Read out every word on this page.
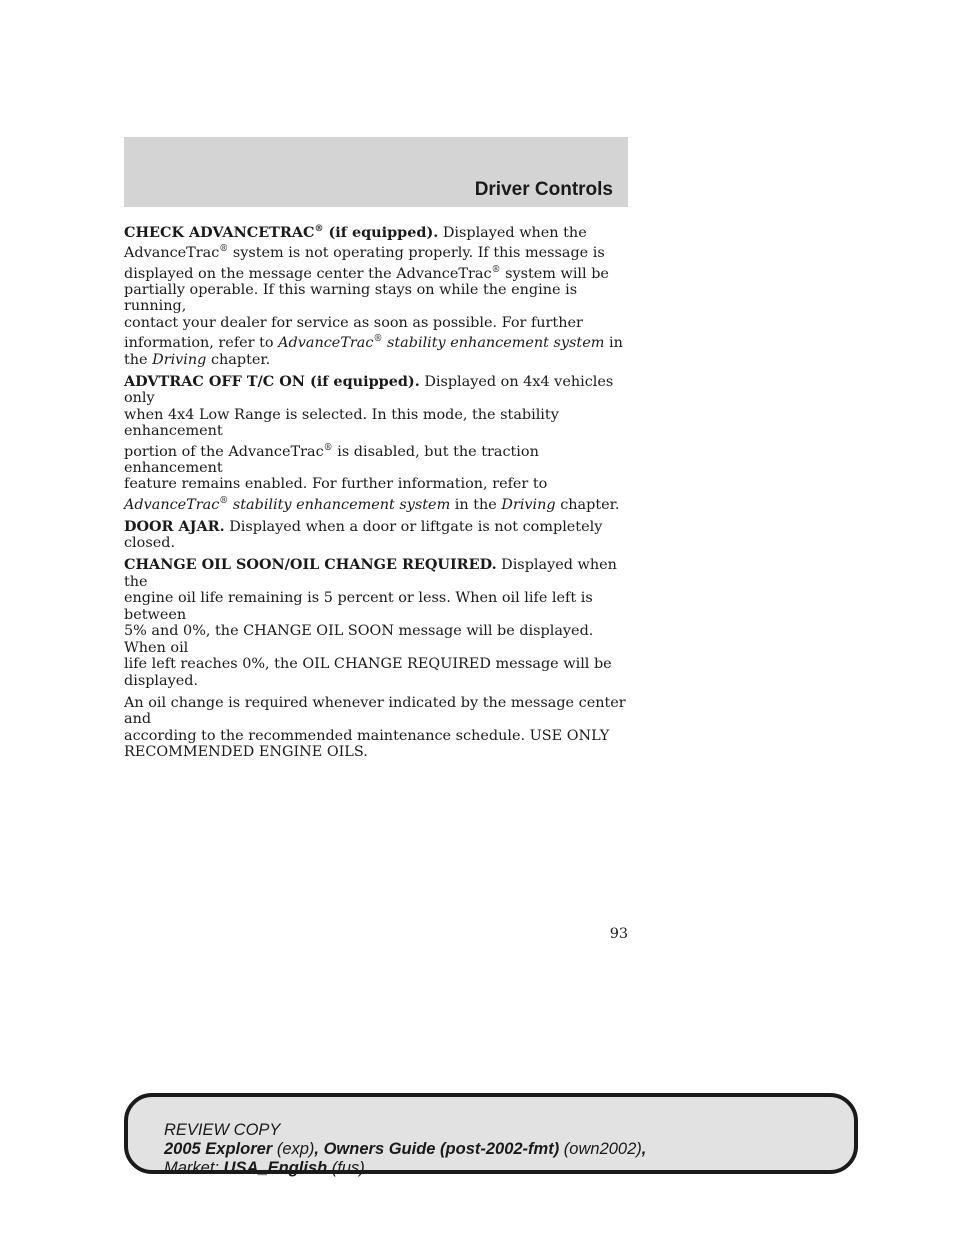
Driver Controls

CHECK ADVANCETRAC® (if equipped). Displayed when the
AdvanceTrac® system is not operating properly. If this message is
displayed on the message center the AdvanceTrac® system will be
partially operable. If this warning stays on while the engine is running,
contact your dealer for service as soon as possible. For further
information, refer to AdvanceTrac® stability enhancement system in
the Driving chapter.

ADVTRAC OFF T/C ON (if equipped). Displayed on 4x4 vehicles only
when 4x4 Low Range is selected. In this mode, the stability enhancement
portion of the AdvanceTrac® is disabled, but the traction enhancement
feature remains enabled. For further information, refer to
AdvanceTrac® stability enhancement system in the Driving chapter.

DOOR AJAR. Displayed when a door or liftgate is not completely
closed.

CHANGE OIL SOON/OIL CHANGE REQUIRED. Displayed when the
engine oil life remaining is 5 percent or less. When oil life left is between
5% and 0%, the CHANGE OIL SOON message will be displayed. When oil
life left reaches 0%, the OIL CHANGE REQUIRED message will be
displayed.

An oil change is required whenever indicated by the message center and
according to the recommended maintenance schedule. USE ONLY
RECOMMENDED ENGINE OILS.

93
REVIEW COPY
2005 Explorer (exp), Owners Guide (post-2002-fmt) (own2002),
Market: USA_English (fus)
